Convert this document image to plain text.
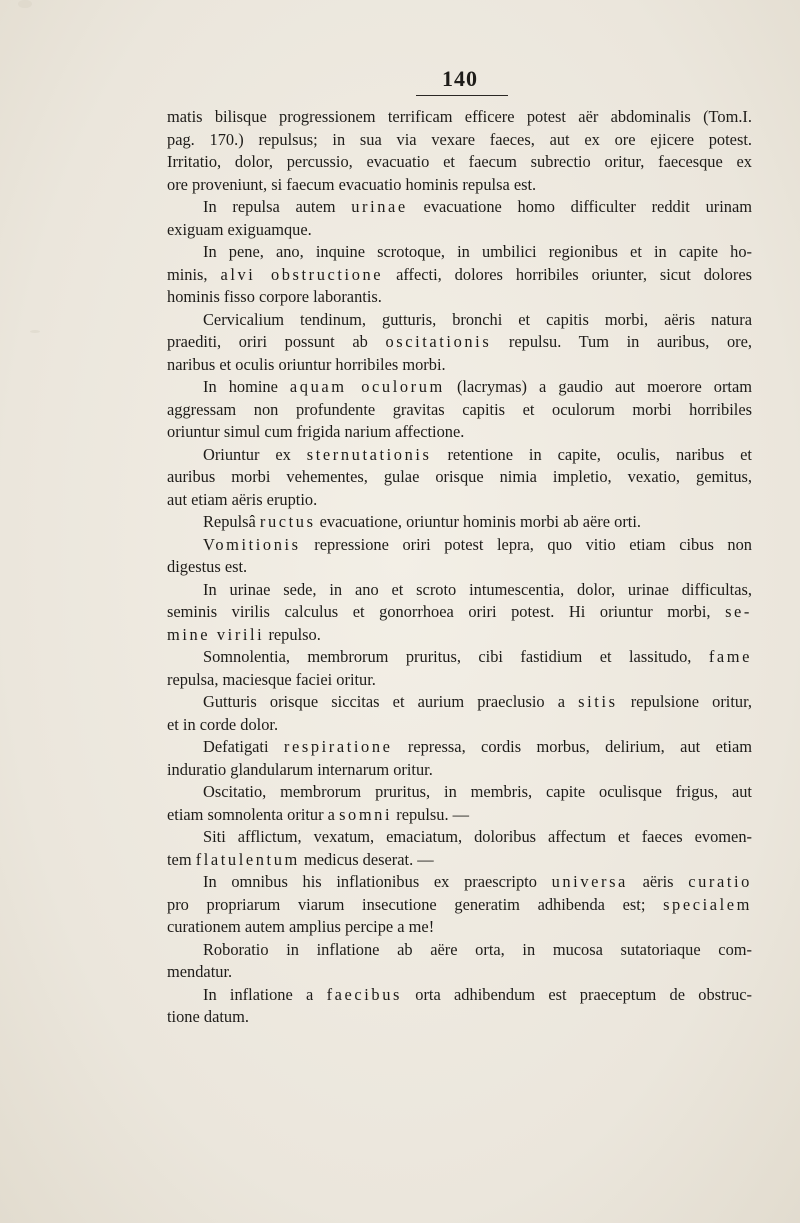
140
matis bilisque progressionem terrificam efficere potest aër abdominalis (Tom.I.
pag. 170.) repulsus; in sua via vexare faeces, aut ex ore ejicere potest.
Irritatio, dolor, percussio, evacuatio et faecum subrectio oritur, faecesque ex
ore proveniunt, si faecum evacuatio hominis repulsa est.
In repulsa autem urinae evacuatione homo difficulter reddit urinam
exiguam exiguamque.
In pene, ano, inquine scrotoque, in umbilici regionibus et in capite ho-
minis, alvi obstructione affecti, dolores horribiles oriunter, sicut dolores
hominis fisso corpore laborantis.
Cervicalium tendinum, gutturis, bronchi et capitis morbi, aëris natura
praediti, oriri possunt ab oscitationis repulsu. Tum in auribus, ore,
naribus et oculis oriuntur horribiles morbi.
In homine aquam oculorum (lacrymas) a gaudio aut moerore ortam
aggressam non profundente gravitas capitis et oculorum morbi horribiles
oriuntur simul cum frigida narium affectione.
Oriuntur ex sternutationis retentione in capite, oculis, naribus et
auribus morbi vehementes, gulae orisque nimia impletio, vexatio, gemitus,
aut etiam aëris eruptio.
Repulsâ ructus evacuatione, oriuntur hominis morbi ab aëre orti.
Vomitionis repressione oriri potest lepra, quo vitio etiam cibus non
digestus est.
In urinae sede, in ano et scroto intumescentia, dolor, urinae difficultas,
seminis virilis calculus et gonorrhoea oriri potest. Hi oriuntur morbi, se-
mine virili repulso.
Somnolentia, membrorum pruritus, cibi fastidium et lassitudo, fame
repulsa, maciesque faciei oritur.
Gutturis orisque siccitas et aurium praeclusio a sitis repulsione oritur,
et in corde dolor.
Defatigati respiratione repressa, cordis morbus, delirium, aut etiam
induratio glandularum internarum oritur.
Oscitatio, membrorum pruritus, in membris, capite oculisque frigus, aut
etiam somnolenta oritur a somni repulsu. —
Siti afflictum, vexatum, emaciatum, doloribus affectum et faeces evomen-
tem flatulentum medicus deserat. —
In omnibus his inflationibus ex praescripto universa aëris curatio
pro propriarum viarum insecutione generatim adhibenda est; specialem
curationem autem amplius percipe a me!
Roboratio in inflatione ab aëre orta, in mucosa sutatoriaque com-
mendatur.
In inflatione a faecibus orta adhibendum est praeceptum de obstruc-
tione datum.
